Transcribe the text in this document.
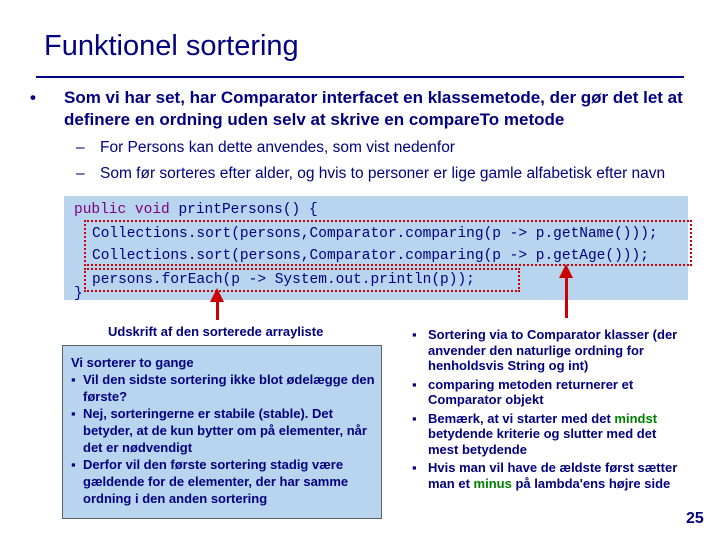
Funktionel sortering
• Som vi har set, har Comparator interfacet en klassemetode, der gør det let at definere en ordning uden selv at skrive en compareTo metode
– For Persons kan dette anvendes, som vist nedenfor
– Som før sorteres efter alder, og hvis to personer er lige gamle alfabetisk efter navn
public void printPersons() {
Collections.sort(persons,Comparator.comparing(p -> p.getName()));
Collections.sort(persons,Comparator.comparing(p -> p.getAge()));
persons.forEach(p -> System.out.println(p));
}
Udskrift af den sorterede arrayliste
Vi sorterer to gange
▪ Vil den sidste sortering ikke blot ødelægge den første?
▪ Nej, sorteringerne er stabile (stable). Det betyder, at de kun bytter om på elementer, når det er nødvendigt
▪ Derfor vil den første sortering stadig være gældende for de elementer, der har samme ordning i den anden sortering
▪ Sortering via to Comparator klasser (der anvender den naturlige ordning for henholdsvis String og int)
▪ comparing metoden returnerer et Comparator objekt
▪ Bemærk, at vi starter med det mindst betydende kriterie og slutter med det mest betydende
▪ Hvis man vil have de ældste først sætter man et minus på lambda'ens højre side
25
